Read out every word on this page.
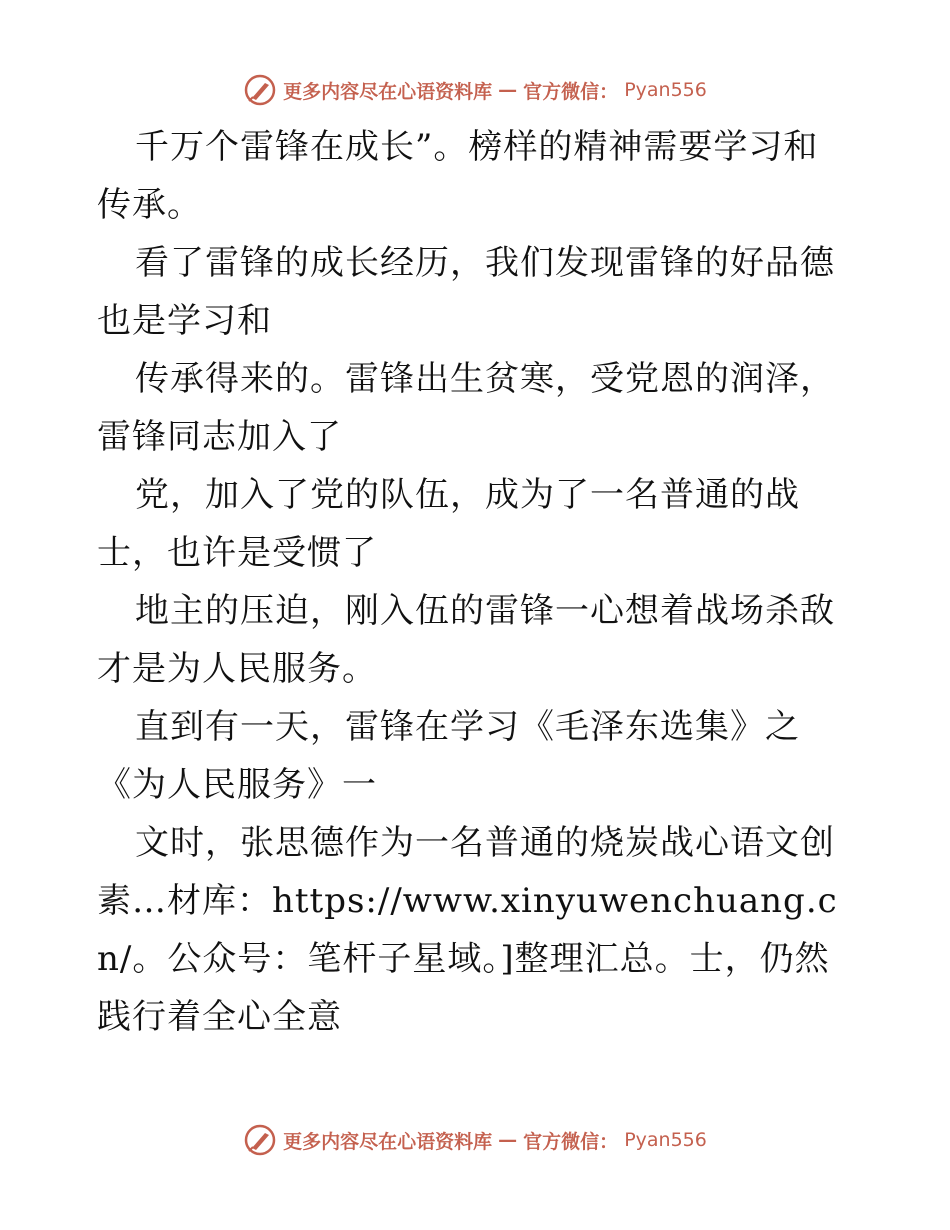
更多内容尽在心语资料库 — 官方微信： Pyan556

千万个雷锋在成长”。榜样的精神需要学习和传承。

看了雷锋的成长经历，我们发现雷锋的好品德也是学习和

传承得来的。雷锋出生贫寒，受党恩的润泽，雷锋同志加入了

党，加入了党的队伍，成为了一名普通的战士，也许是受惯了

地主的压迫，刚入伍的雷锋一心想着战场杀敌才是为人民服务。

直到有一天，雷锋在学习《毛泽东选集》之《为人民服务》一

文时，张思德作为一名普通的烧炭战心语文创素…材库：https://www.xinyuwenchuang.cn/。公众号：笔杆子星域。]整理汇总。士，仍然践行着全心全意

更多内容尽在心语资料库 — 官方微信： Pyan556
